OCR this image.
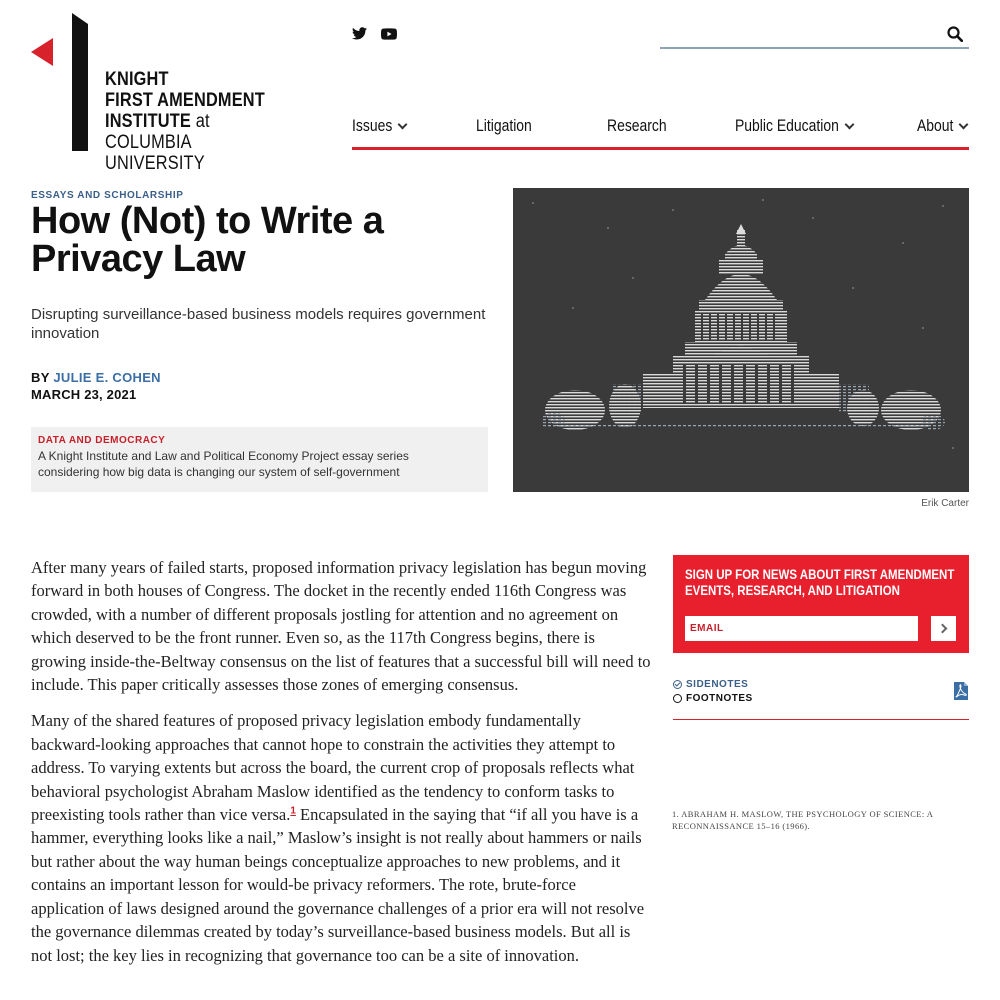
KNIGHT
FIRST AMENDMENT
INSTITUTE at
COLUMBIA UNIVERSITY
Issues	Litigation	Research	Public Education	About
ESSAYS AND SCHOLARSHIP
How (Not) to Write a Privacy Law

Disrupting surveillance-based business models requires government innovation

BY JULIE E. COHEN
MARCH 23, 2021
DATA AND DEMOCRACY
A Knight Institute and Law and Political Economy Project essay series considering how big data is changing our system of self-government
Erik Carter

After many years of failed starts, proposed information privacy legislation has begun moving forward in both houses of Congress. The docket in the recently ended 116th Congress was crowded, with a number of different proposals jostling for attention and no agreement on which deserved to be the front runner. Even so, as the 117th Congress begins, there is growing inside-the-Beltway consensus on the list of features that a successful bill will need to include. This paper critically assesses those zones of emerging consensus.

Many of the shared features of proposed privacy legislation embody fundamentally backward-looking approaches that cannot hope to constrain the activities they attempt to address. To varying extents but across the board, the current crop of proposals reflects what behavioral psychologist Abraham Maslow identified as the tendency to conform tasks to preexisting tools rather than vice versa.$^1$ Encapsulated in the saying that “if all you have is a hammer, everything looks like a nail,” Maslow’s insight is not really about hammers or nails but rather about the way human beings conceptualize approaches to new problems, and it contains an important lesson for would-be privacy reformers. The rote, brute-force application of laws designed around the governance challenges of a prior era will not resolve the governance dilemmas created by today’s surveillance-based business models. But all is not lost; the key lies in recognizing that governance too can be a site of innovation.

SIGN UP FOR NEWS ABOUT FIRST AMENDMENT EVENTS, RESEARCH, AND LITIGATION
EMAIL
SIDENOTES
FOOTNOTES
1. ABRAHAM H. MASLOW, THE PSYCHOLOGY OF SCIENCE: A RECONNAISSANCE 15–16 (1966).
